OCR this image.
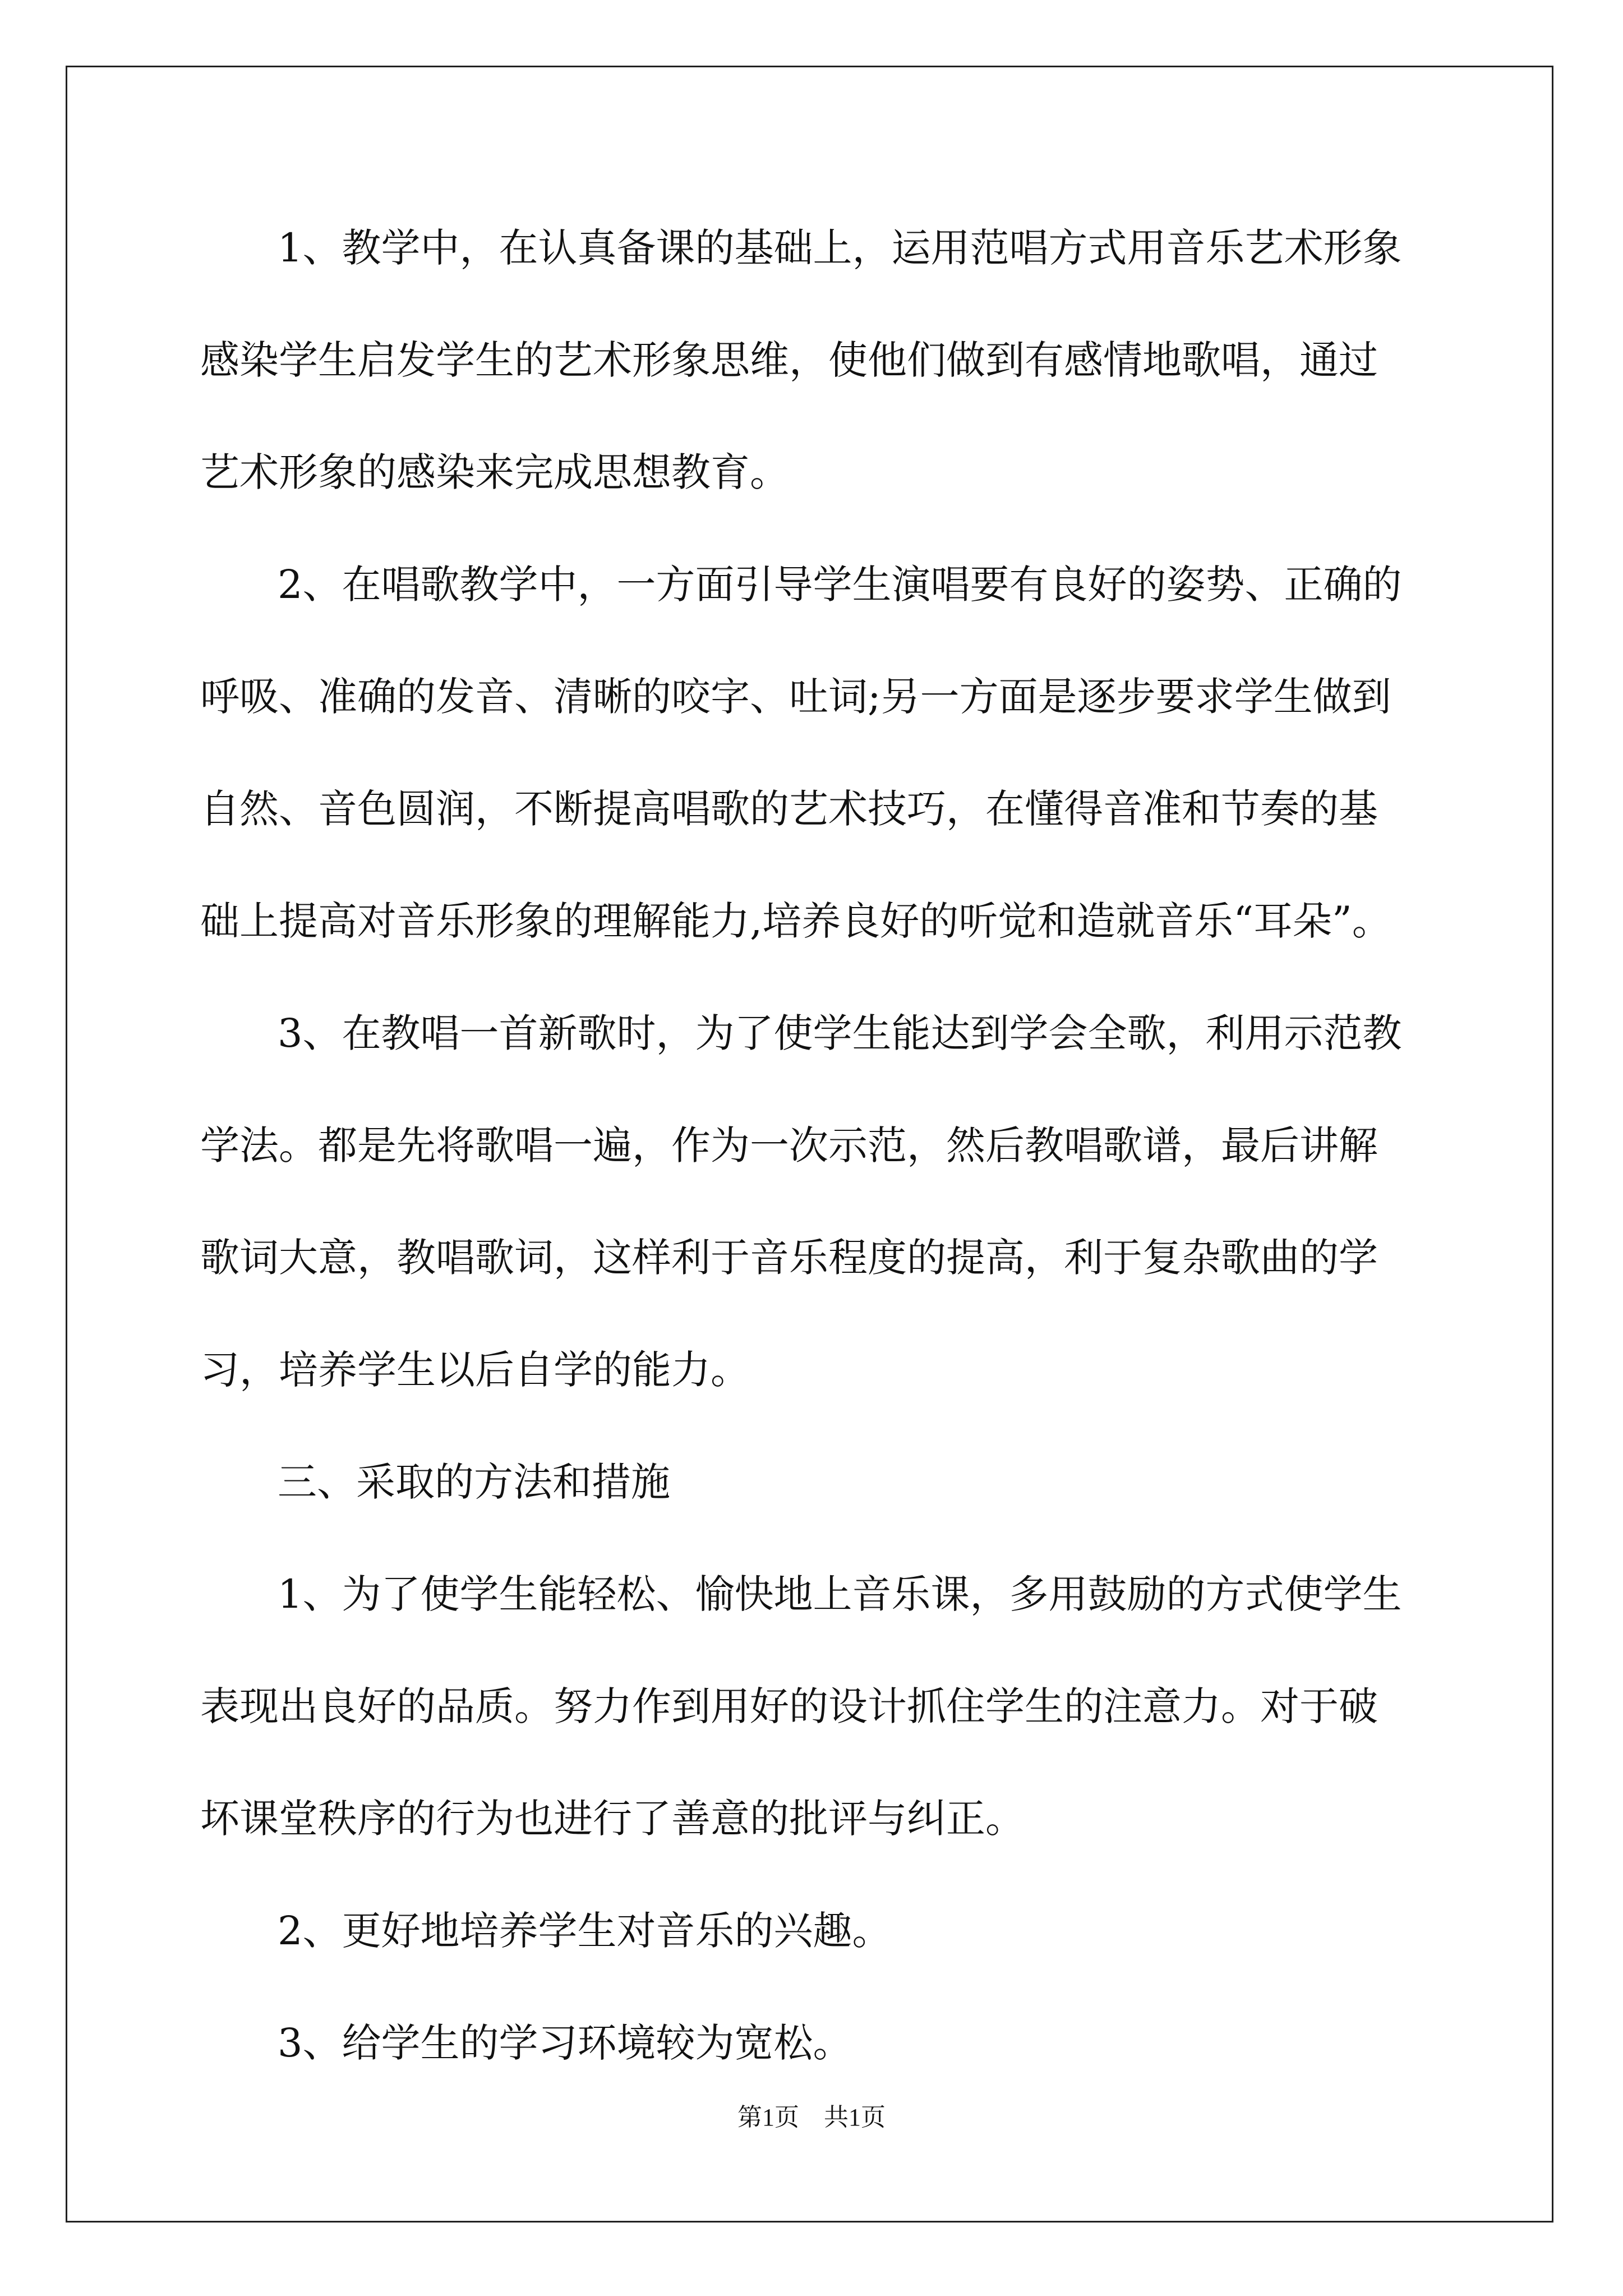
1、教学中，在认真备课的基础上，运用范唱方式用音乐艺术形象
感染学生启发学生的艺术形象思维，使他们做到有感情地歌唱，通过
艺术形象的感染来完成思想教育。
2、在唱歌教学中，一方面引导学生演唱要有良好的姿势、正确的
呼吸、准确的发音、清晰的咬字、吐词;另一方面是逐步要求学生做到
自然、音色圆润，不断提高唱歌的艺术技巧，在懂得音准和节奏的基
础上提高对音乐形象的理解能力,培养良好的听觉和造就音乐“耳朵”。
3、在教唱一首新歌时，为了使学生能达到学会全歌，利用示范教
学法。都是先将歌唱一遍，作为一次示范，然后教唱歌谱，最后讲解
歌词大意，教唱歌词，这样利于音乐程度的提高，利于复杂歌曲的学
习，培养学生以后自学的能力。
三、采取的方法和措施
1、为了使学生能轻松、愉快地上音乐课，多用鼓励的方式使学生
表现出良好的品质。努力作到用好的设计抓住学生的注意力。对于破
坏课堂秩序的行为也进行了善意的批评与纠正。
2、更好地培养学生对音乐的兴趣。
3、给学生的学习环境较为宽松。
第1页　共1页
